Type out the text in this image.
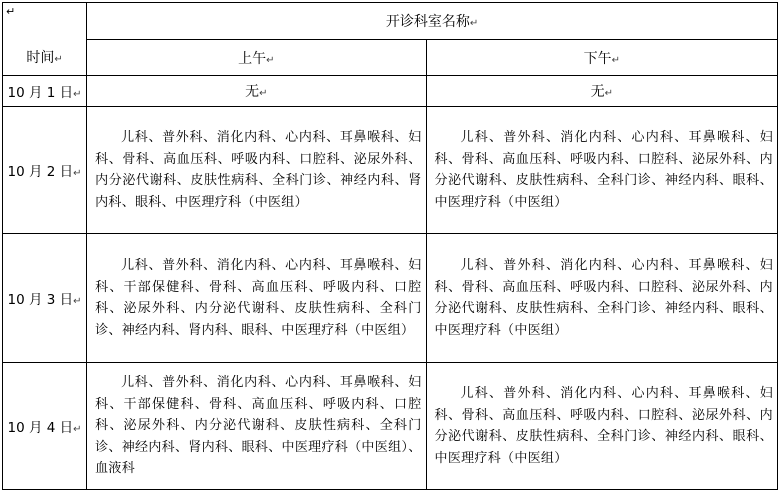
↵
时间↵	开诊科室名称↵	
	上午↵	下午↵
10 月 1 日↵	无↵	无↵
10 月 2 日↵	儿科、普外科、消化内科、心内科、耳鼻喉科、妇科、骨科、高血压科、呼吸内科、口腔科、泌尿外科、内分泌代谢科、皮肤性病科、全科门诊、神经内科、肾内科、眼科、中医理疗科（中医组）	儿科、普外科、消化内科、心内科、耳鼻喉科、妇科、骨科、高血压科、呼吸内科、口腔科、泌尿外科、内分泌代谢科、皮肤性病科、全科门诊、神经内科、眼科、中医理疗科（中医组）

10 月 3 日↵	儿科、普外科、消化内科、心内科、耳鼻喉科、妇科、干部保健科、骨科、高血压科、呼吸内科、口腔科、泌尿外科、内分泌代谢科、皮肤性病科、全科门诊、神经内科、肾内科、眼科、中医理疗科（中医组）	儿科、普外科、消化内科、心内科、耳鼻喉科、妇科、骨科、高血压科、呼吸内科、口腔科、泌尿外科、内分泌代谢科、皮肤性病科、全科门诊、神经内科、眼科、中医理疗科（中医组）

10 月 4 日↵	儿科、普外科、消化内科、心内科、耳鼻喉科、妇科、干部保健科、骨科、高血压科、呼吸内科、口腔科、泌尿外科、内分泌代谢科、皮肤性病科、全科门诊、神经内科、肾内科、眼科、中医理疗科（中医组）、血液科	儿科、普外科、消化内科、心内科、耳鼻喉科、妇科、骨科、高血压科、呼吸内科、口腔科、泌尿外科、内分泌代谢科、皮肤性病科、全科门诊、神经内科、眼科、中医理疗科（中医组）
